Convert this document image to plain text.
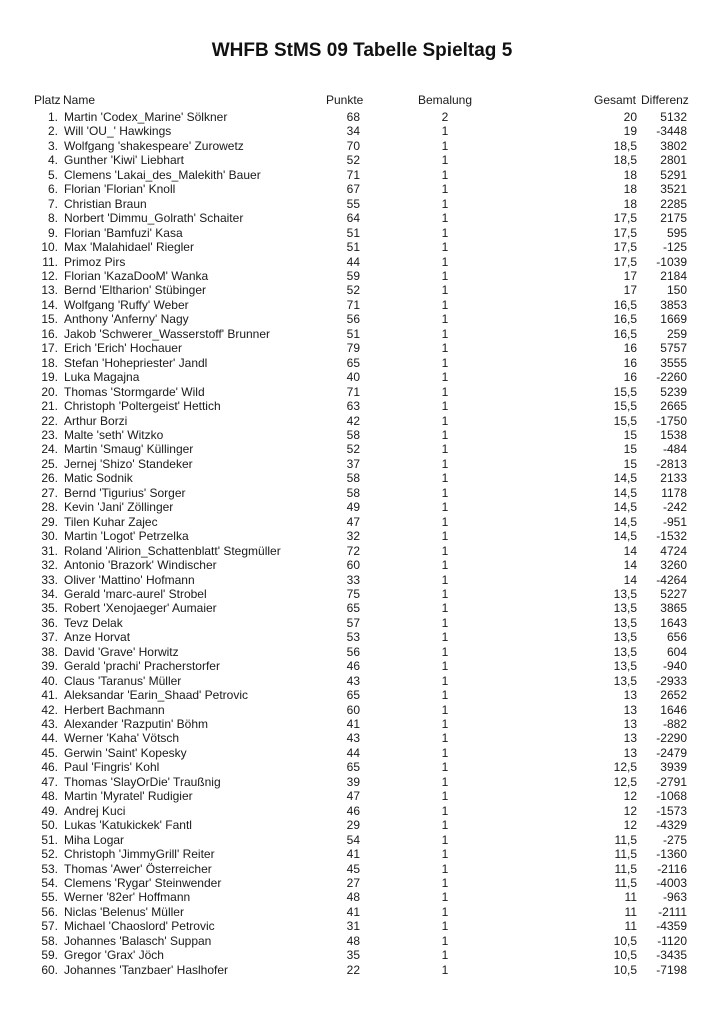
WHFB StMS 09 Tabelle Spieltag 5
Platz Name	Punkte	Bemalung	Gesamt Differenz
1. Martin 'Codex_Marine' Sölkner	68	2	20	5132
2. Will 'OU_' Hawkings	34	1	19	-3448
3. Wolfgang 'shakespeare' Zurowetz	70	1	18,5	3802
4. Gunther 'Kiwi' Liebhart	52	1	18,5	2801
5. Clemens 'Lakai_des_Malekith' Bauer	71	1	18	5291
6. Florian 'Florian' Knoll	67	1	18	3521
7. Christian Braun	55	1	18	2285
8. Norbert 'Dimmu_Golrath' Schaiter	64	1	17,5	2175
9. Florian 'Bamfuzi' Kasa	51	1	17,5	595
10. Max 'Malahidael' Riegler	51	1	17,5	-125
11. Primoz Pirs	44	1	17,5	-1039
12. Florian 'KazaDooM' Wanka	59	1	17	2184
13. Bernd 'Eltharion' Stübinger	52	1	17	150
14. Wolfgang 'Ruffy' Weber	71	1	16,5	3853
15. Anthony 'Anferny' Nagy	56	1	16,5	1669
16. Jakob 'Schwerer_Wasserstoff' Brunner	51	1	16,5	259
17. Erich 'Erich' Hochauer	79	1	16	5757
18. Stefan 'Hohepriester' Jandl	65	1	16	3555
19. Luka Magajna	40	1	16	-2260
20. Thomas 'Stormgarde' Wild	71	1	15,5	5239
21. Christoph 'Poltergeist' Hettich	63	1	15,5	2665
22. Arthur Borzi	42	1	15,5	-1750
23. Malte 'seth' Witzko	58	1	15	1538
24. Martin 'Smaug' Küllinger	52	1	15	-484
25. Jernej 'Shizo' Standeker	37	1	15	-2813
26. Matic Sodnik	58	1	14,5	2133
27. Bernd 'Tigurius' Sorger	58	1	14,5	1178
28. Kevin 'Jani' Zöllinger	49	1	14,5	-242
29. Tilen Kuhar Zajec	47	1	14,5	-951
30. Martin 'Logot' Petrzelka	32	1	14,5	-1532
31. Roland 'Alirion_Schattenblatt' Stegmüller	72	1	14	4724
32. Antonio 'Brazork' Windischer	60	1	14	3260
33. Oliver 'Mattino' Hofmann	33	1	14	-4264
34. Gerald 'marc-aurel' Strobel	75	1	13,5	5227
35. Robert 'Xenojaeger' Aumaier	65	1	13,5	3865
36. Tevz Delak	57	1	13,5	1643
37. Anze Horvat	53	1	13,5	656
38. David 'Grave' Horwitz	56	1	13,5	604
39. Gerald 'prachi' Pracherstorfer	46	1	13,5	-940
40. Claus 'Taranus' Müller	43	1	13,5	-2933
41. Aleksandar 'Earin_Shaad' Petrovic	65	1	13	2652
42. Herbert Bachmann	60	1	13	1646
43. Alexander 'Razputin' Böhm	41	1	13	-882
44. Werner 'Kaha' Vötsch	43	1	13	-2290
45. Gerwin 'Saint' Kopesky	44	1	13	-2479
46. Paul 'Fingris' Kohl	65	1	12,5	3939
47. Thomas 'SlayOrDie' Traußnig	39	1	12,5	-2791
48. Martin 'Myratel' Rudigier	47	1	12	-1068
49. Andrej Kuci	46	1	12	-1573
50. Lukas 'Katukickek' Fantl	29	1	12	-4329
51. Miha Logar	54	1	11,5	-275
52. Christoph 'JimmyGrill' Reiter	41	1	11,5	-1360
53. Thomas 'Awer' Österreicher	45	1	11,5	-2116
54. Clemens 'Rygar' Steinwender	27	1	11,5	-4003
55. Werner '82er' Hoffmann	48	1	11	-963
56. Niclas 'Belenus' Müller	41	1	11	-2111
57. Michael 'Chaoslord' Petrovic	31	1	11	-4359
58. Johannes 'Balasch' Suppan	48	1	10,5	-1120
59. Gregor 'Grax' Jöch	35	1	10,5	-3435
60. Johannes 'Tanzbaer' Haslhofer	22	1	10,5	-7198
